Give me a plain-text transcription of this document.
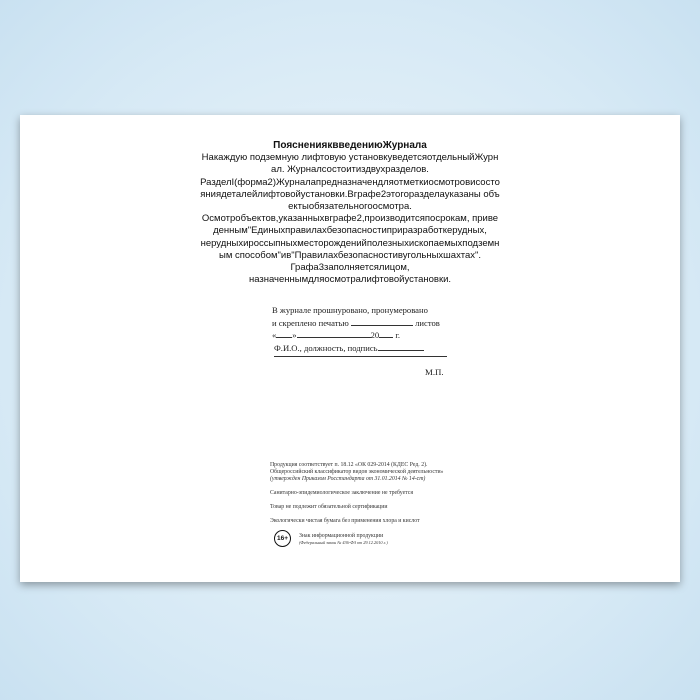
ПоясненияквведениюЖурнала

Накаждую подземную лифтовую установкуведетсяотдельныйЖурнал. Журналсостоитиздвухразделов.

РазделI(форма2)Журналапредназначендляотметкиосмотровисостояниядеталейлифтовойустановки.Вграфе2этогоразделауказаны объектыобязательногоосмотра.

Осмотробъектов,указанныхвграфе2,производитсяпосрокам, приведенным"Единыхправилахбезопасностиприразработкерудных,

нерудныхироссыпныхместорожденийполезныхископаемыхподземным способом"ив"Правилахбезопасностивугольныхшахтах".

Графа3заполняетсялицом,

назначеннымдляосмотралифтовойустановки.

В журнале прошнуровано, пронумеровано
и скреплено печатью	листов
« »	20 г.
Ф.И.О., должность, подпись
М.П.
Продукция соответствует п. 18.12 «ОК 029-2014 (КДЕС Ред. 2).
Общероссийский классификатор видов экономической деятельности»
(утвержден Приказом Росстандарта от 31.01.2014 № 14-ст)
Санитарно-эпидемиологическое заключение не требуется
Товар не подлежит обязательной сертификации
Экологически чистая бумага без применения хлора и кислот
16+	Знак информационной продукции
(Федеральный закон № 436-ФЗ от 29.12.2010 г.)
